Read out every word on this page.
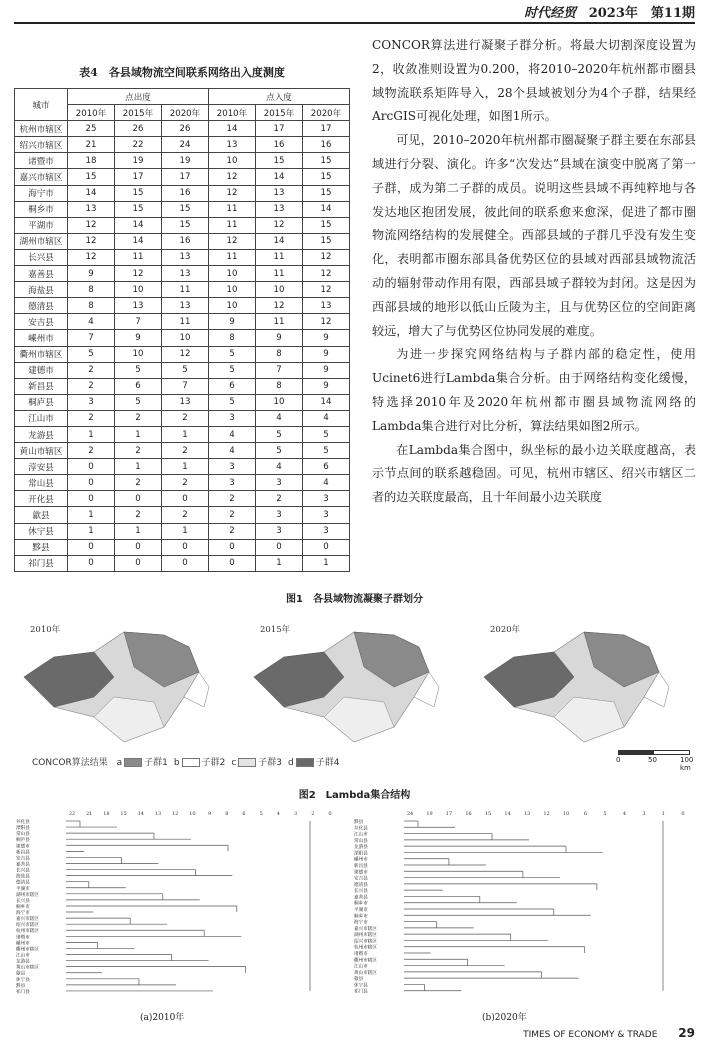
时代经贸 2023年　第11期
表4　各县域物流空间联系网络出入度测度
城市	点出度			点入度		
	2010年	2015年	2020年	2010年	2015年	2020年
杭州市辖区	25	26	26	14	17	17
绍兴市辖区	21	22	24	13	16	16
诸暨市	18	19	19	10	15	15
嘉兴市辖区	15	17	17	12	14	15
海宁市	14	15	16	12	13	15
桐乡市	13	15	15	11	13	14
平湖市	12	14	15	11	12	15
湖州市辖区	12	14	16	12	14	15
长兴县	12	11	13	11	11	12
嘉善县	9	12	13	10	11	12
海盐县	8	10	11	10	10	12
德清县	8	13	13	10	12	13
安吉县	4	7	11	9	11	12
嵊州市	7	9	10	8	9	9
衢州市辖区	5	10	12	5	8	9
建德市	2	5	5	5	7	9
新昌县	2	6	7	6	8	9
桐庐县	3	5	13	5	10	14
江山市	2	2	2	3	4	4
龙游县	1	1	1	4	5	5
黄山市辖区	2	2	2	4	5	5
淳安县	0	1	1	3	4	6
常山县	0	2	2	3	3	4
开化县	0	0	0	2	2	3
歙县	1	2	2	2	3	3
休宁县	1	1	1	2	3	3
黟县	0	0	0	0	0	0
祁门县	0	0	0	0	1	1

CONCOR算法进行凝聚子群分析。将最大切割深度设置为2，收敛准则设置为0.200，将2010–2020年杭州都市圈县域物流联系矩阵导入，28个县域被划分为4个子群，结果经ArcGIS可视化处理，如图1所示。

可见，2010–2020年杭州都市圈凝聚子群主要在东部县域进行分裂、演化。许多“次发达”县域在演变中脱离了第一子群，成为第二子群的成员。说明这些县域不再纯粹地与各发达地区抱团发展，彼此间的联系愈来愈深，促进了都市圈物流网络结构的发展健全。西部县域的子群几乎没有发生变化，表明都市圈东部具备优势区位的县域对西部县域物流活动的辐射带动作用有限，西部县域子群较为封闭。这是因为西部县域的地形以低山丘陵为主，且与优势区位的空间距离较远，增大了与优势区位协同发展的难度。

为进一步探究网络结构与子群内部的稳定性，使用Ucinet6进行Lambda集合分析。由于网络结构变化缓慢，特选择2010年及2020年杭州都市圈县域物流网络的Lambda集合进行对比分析，算法结果如图2所示。

在Lambda集合图中，纵坐标的最小边关联度越高，表示节点间的联系越稳固。可见，杭州市辖区、绍兴市辖区二者的边关联度最高，且十年间最小边关联度

图1　各县域物流凝聚子群划分
2010年	2015年	2020年
CONCOR算法结果 a 子群1 b 子群2 c 子群3 d 子群4	0	50	100 km
图2　Lambda集合结构
22 21 18 15 14 13 12 10 9	8	6	5	4	3	2	0
井化县
溧阳县
常山县
桐庐县
建德市
新昌县
安吉县
嘉善县
长兴县
海盐县
德清县
平湖市
湖州市辖区
长兴县
桐乡市
海宁市
嘉兴市辖区
绍兴市辖区
杭州市辖区
诸暨市
嵊州市
衢州市辖区
江山市
龙游县
黄山市辖区
歙县
休宁县
黟县
祁门县
24	19	17	16	15	14	13	12	10	6	5	4	3	1	0
黟县
井化县
江山市
常山县
龙游县
溧阳县
嵊州市
新昌县
建德市
安吉县
德清县
长兴县
嘉善县
桐乡市
平湖市
桐乡市
海宁市
嘉兴市辖区
湖州市辖区
绍兴市辖区
杭州市辖区
诸暨市
衢州市辖区
江山市
黄山市辖区
歙县
休宁县
祁门县
(a)2010年	(b)2020年
TIMES OF ECONOMY & TRADE 29
